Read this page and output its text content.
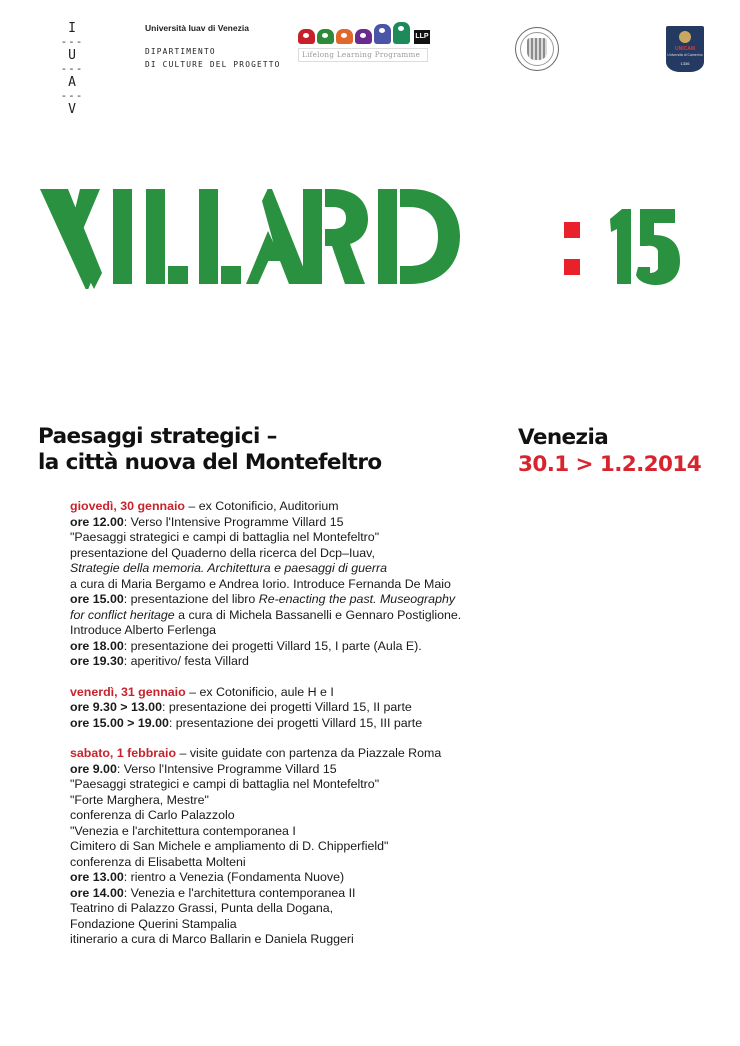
I
---
U
---
A
---
V
Università Iuav di Venezia
DIPARTIMENTO
DI CULTURE DEL PROGETTO
LLP
Lifelong Learning Programme
UNICAM
Università di Camerino
1336
Paesaggi strategici –
la città nuova del Montefeltro
Venezia
30.1 > 1.2.2014
giovedì, 30 gennaio – ex Cotonificio, Auditorium
ore 12.00: Verso l'Intensive Programme Villard 15
"Paesaggi strategici e campi di battaglia nel Montefeltro"
presentazione del Quaderno della ricerca del Dcp–Iuav,
Strategie della memoria. Architettura e paesaggi di guerra
a cura di Maria Bergamo e Andrea Iorio. Introduce Fernanda De Maio
ore 15.00: presentazione del libro Re-enacting the past. Museography
for conflict heritage a cura di Michela Bassanelli e Gennaro Postiglione.
Introduce Alberto Ferlenga
ore 18.00: presentazione dei progetti Villard 15, I parte (Aula E).
ore 19.30: aperitivo/ festa Villard
venerdì, 31 gennaio – ex Cotonificio, aule H e I
ore 9.30 > 13.00: presentazione dei progetti Villard 15, II parte
ore 15.00 > 19.00: presentazione dei progetti Villard 15, III parte
sabato, 1 febbraio – visite guidate con partenza da Piazzale Roma
ore 9.00: Verso l'Intensive Programme Villard 15
"Paesaggi strategici e campi di battaglia nel Montefeltro"
"Forte Marghera, Mestre"
conferenza di Carlo Palazzolo
"Venezia e l'architettura contemporanea I
Cimitero di San Michele e ampliamento di D. Chipperfield"
conferenza di Elisabetta Molteni
ore 13.00: rientro a Venezia (Fondamenta Nuove)
ore 14.00: Venezia e l'architettura contemporanea II
Teatrino di Palazzo Grassi, Punta della Dogana,
Fondazione Querini Stampalia
itinerario a cura di Marco Ballarin e Daniela Ruggeri
